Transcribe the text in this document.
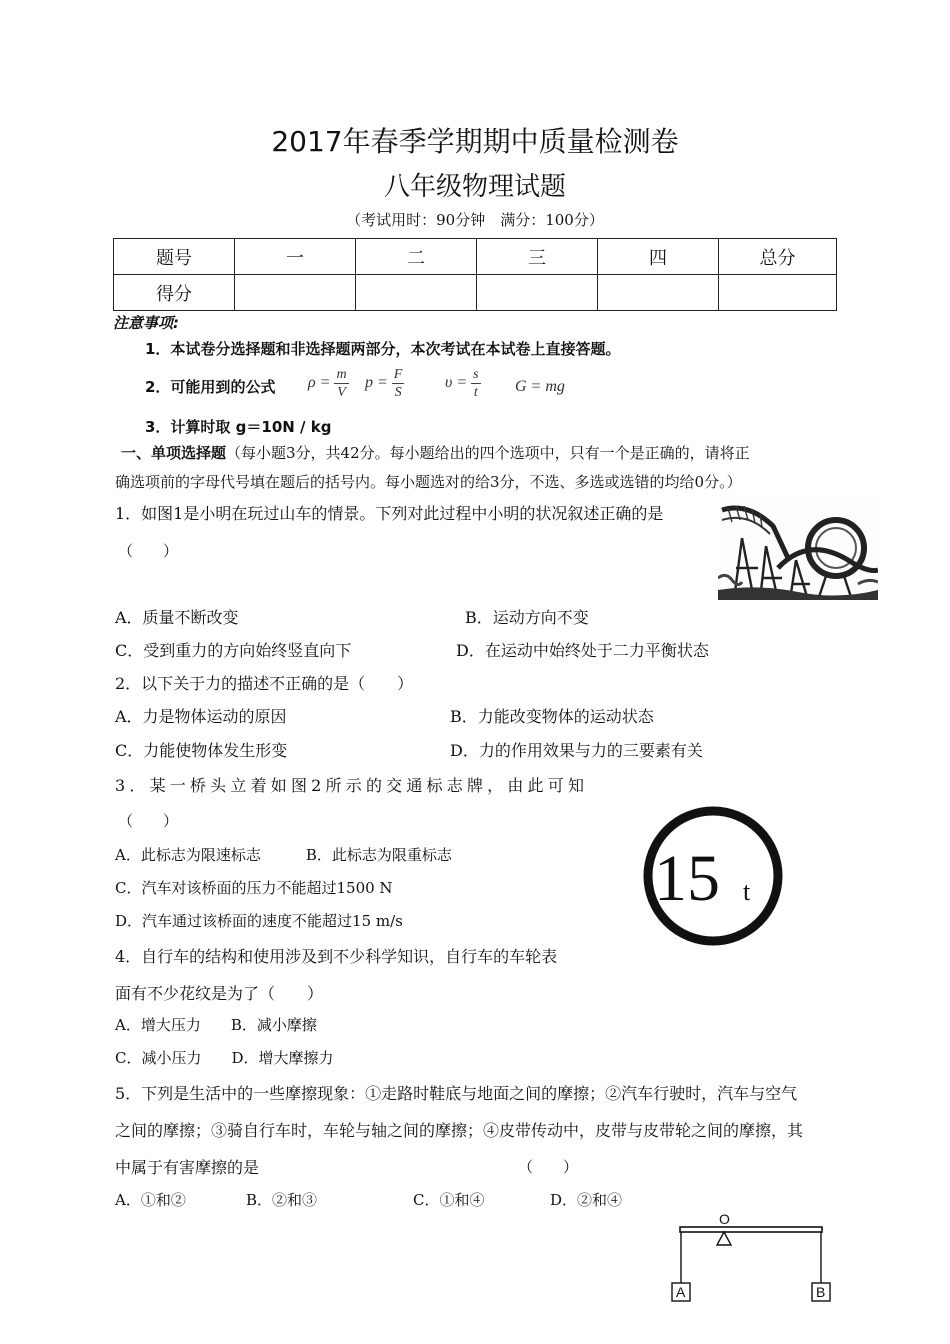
2017年春季学期期中质量检测卷
八年级物理试题
（考试用时：90分钟　满分：100分）
题号	一	二	三	四	总分
得分					
注意事项:
1．本试卷分选择题和非选择题两部分，本次考试在本试卷上直接答题。
2．可能用到的公式 $\rho = \frac{m}{V}$ $p = \frac{F}{S}$	$\upsilon = \frac{s}{t}$ G = mg
3．计算时取 g＝10N / kg
一、单项选择题（每小题3分，共42分。每小题给出的四个选项中，只有一个是正确的，请将正
确选项前的字母代号填在题后的括号内。每小题选对的给3分，不选、多选或选错的均给0分。）
1．如图1是小明在玩过山车的情景。下列对此过程中小明的状况叙述正确的是
（　　）
A．质量不断改变	B．运动方向不变
C．受到重力的方向始终竖直向下	D．在运动中始终处于二力平衡状态
2．以下关于力的描述不正确的是（　　）
A．力是物体运动的原因	B．力能改变物体的运动状态
C．力能使物体发生形变	D．力的作用效果与力的三要素有关
3．某一桥头立着如图2所示的交通标志牌，由此可知
（　　）
A．此标志为限速标志　　　B．此标志为限重标志
C．汽车对该桥面的压力不能超过1500 N
D．汽车通过该桥面的速度不能超过15 m/s
15 t
4．自行车的结构和使用涉及到不少科学知识，自行车的车轮表
面有不少花纹是为了（　　）
A．增大压力　　B．减小摩擦
C．减小压力　　D．增大摩擦力
5．下列是生活中的一些摩擦现象：①走路时鞋底与地面之间的摩擦；②汽车行驶时，汽车与空气
之间的摩擦；③骑自行车时，车轮与轴之间的摩擦；④皮带传动中，皮带与皮带轮之间的摩擦，其
中属于有害摩擦的是	（　　）
A．①和②	B．②和③	C．①和④	D．②和④
O
A	B
